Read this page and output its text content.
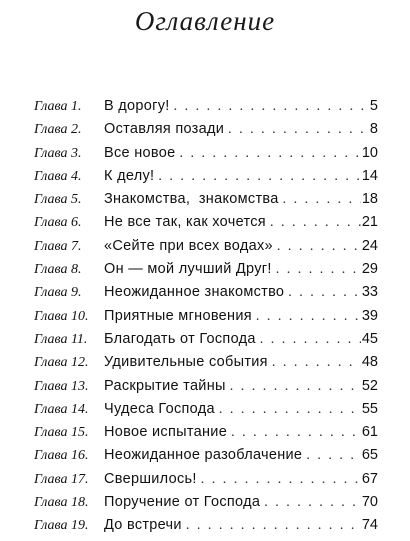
Оглавление
Глава 1.	В дорогу! . . .	5
Глава 2.	Оставляя позади . . .	8
Глава 3.	Все новое . . .	10
Глава 4.	К делу! . . .	14
Глава 5.	Знакомства,  знакомства . . .	18
Глава 6.	Не все так, как хочется . . .	21
Глава 7.	«Сейте при всех водах» . . .	24
Глава 8.	Он — мой лучший Друг! . . .	29
Глава 9.	Неожиданное знакомство . . .	33
Глава 10.	Приятные мгновения . . .	39
Глава 11.	Благодать от Господа . . .	45
Глава 12.	Удивительные события . . .	48
Глава 13.	Раскрытие тайны . . .	52
Глава 14.	Чудеса Господа . . .	55
Глава 15.	Новое испытание . . .	61
Глава 16.	Неожиданное разоблачение . . .	65
Глава 17.	Свершилось! . . .	67
Глава 18.	Поручение от Господа . . .	70
Глава 19.	До встречи . . .	74
